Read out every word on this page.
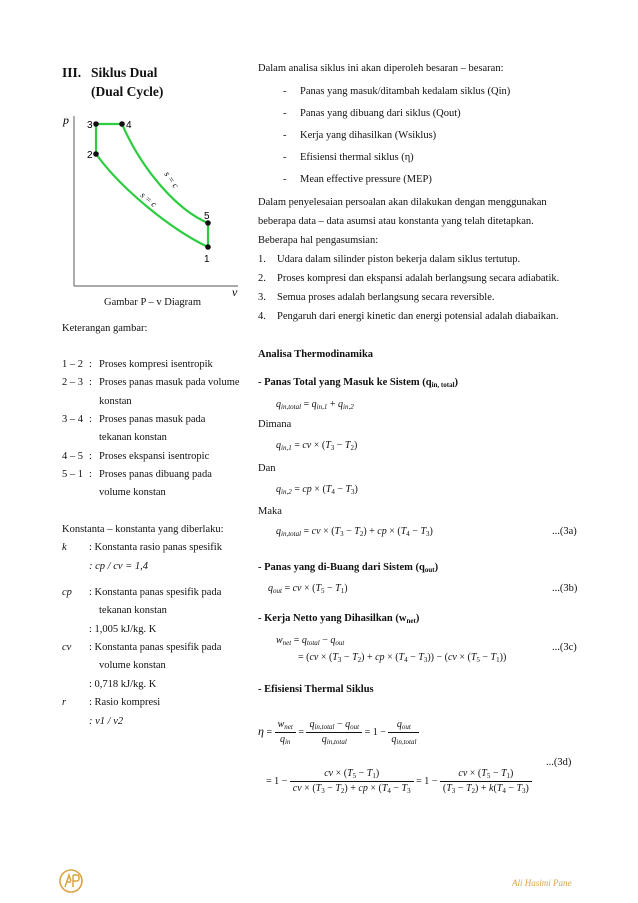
III. Siklus Dual
(Dual Cycle)
p
v
3	4
2
5
1
s = c
s = c
Gambar P – v Diagram
Keterangan gambar:
1 – 2 : Proses kompresi isentropik
2 – 3 : Proses panas masuk pada volume
konstan
3 – 4 : Proses panas masuk pada
tekanan konstan
4 – 5 : Proses ekspansi isentropic
5 – 1 : Proses panas dibuang pada
volume konstan
Konstanta – konstanta yang diberlaku:
k : Konstanta rasio panas spesifik
: cp / cv = 1,4
cp : Konstanta panas spesifik pada
tekanan konstan
: 1,005 kJ/kg. K
cv : Konstanta panas spesifik pada
volume konstan
: 0,718 kJ/kg. K
r : Rasio kompresi
: v1 / v2
Dalam analisa siklus ini akan diperoleh besaran – besaran:
- Panas yang masuk/ditambah kedalam siklus (Qin)
- Panas yang dibuang dari siklus (Qout)
- Kerja yang dihasilkan (Wsiklus)
- Efisiensi thermal siklus (η)
- Mean effective pressure (MEP)
Dalam penyelesaian persoalan akan dilakukan dengan menggunakan
beberapa data – data asumsi atau konstanta yang telah ditetapkan.
Beberapa hal pengasumsian:
1. Udara dalam silinder piston bekerja dalam siklus tertutup.
2. Proses kompresi dan ekspansi adalah berlangsung secara adiabatik.
3. Semua proses adalah berlangsung secara reversible.
4. Pengaruh dari energi kinetic dan energi potensial adalah diabaikan.
Analisa Thermodinamika
- Panas Total yang Masuk ke Sistem $(q_{in, total})$
$q_{in,total} = q_{in,1} + q_{in,2}$
Dimana
$q_{in,1}$ = cv × $(T_3 - T_2)$
Dan
$q_{in,2}$ = cp × $(T_4 - T_3)$
Maka
$q_{in,total}$ = cv × $(T_3 - T_2)$ + cp × $(T_4 - T_3)$	...(3a)
- Panas yang di-Buang dari Sistem $(q_{out})$
$q_{out}$ = cv × $(T_5 - T_1)$	...(3b)
- Kerja Netto yang Dihasilkan $(w_{net})$
$w_{net} = q_{total} - q_{out}$
= ($cv \times (T_3 - T_2)$ + cp × $(T_4 - T_3)) - (cv \times (T_5 - T_1))$
...(3c)
- Efisiensi Thermal Siklus
$\eta = \frac{w_{net}}{q_{in}} = \frac{q_{in,total} - q_{out}}{q_{in,total}} = 1 - \frac{q_{out}}{q_{in,total}}$
...(3d)
= $1 - \frac{cv \times (T_5 - T_1)}{cv \times (T_3 - T_2) + cp \times (T_4 - T_3} = 1 - \frac{cv \times (T_5 - T_1)}{(T_3 - T_2) + k(T_4 - T_3)}$
Ali Hasimi Pane
